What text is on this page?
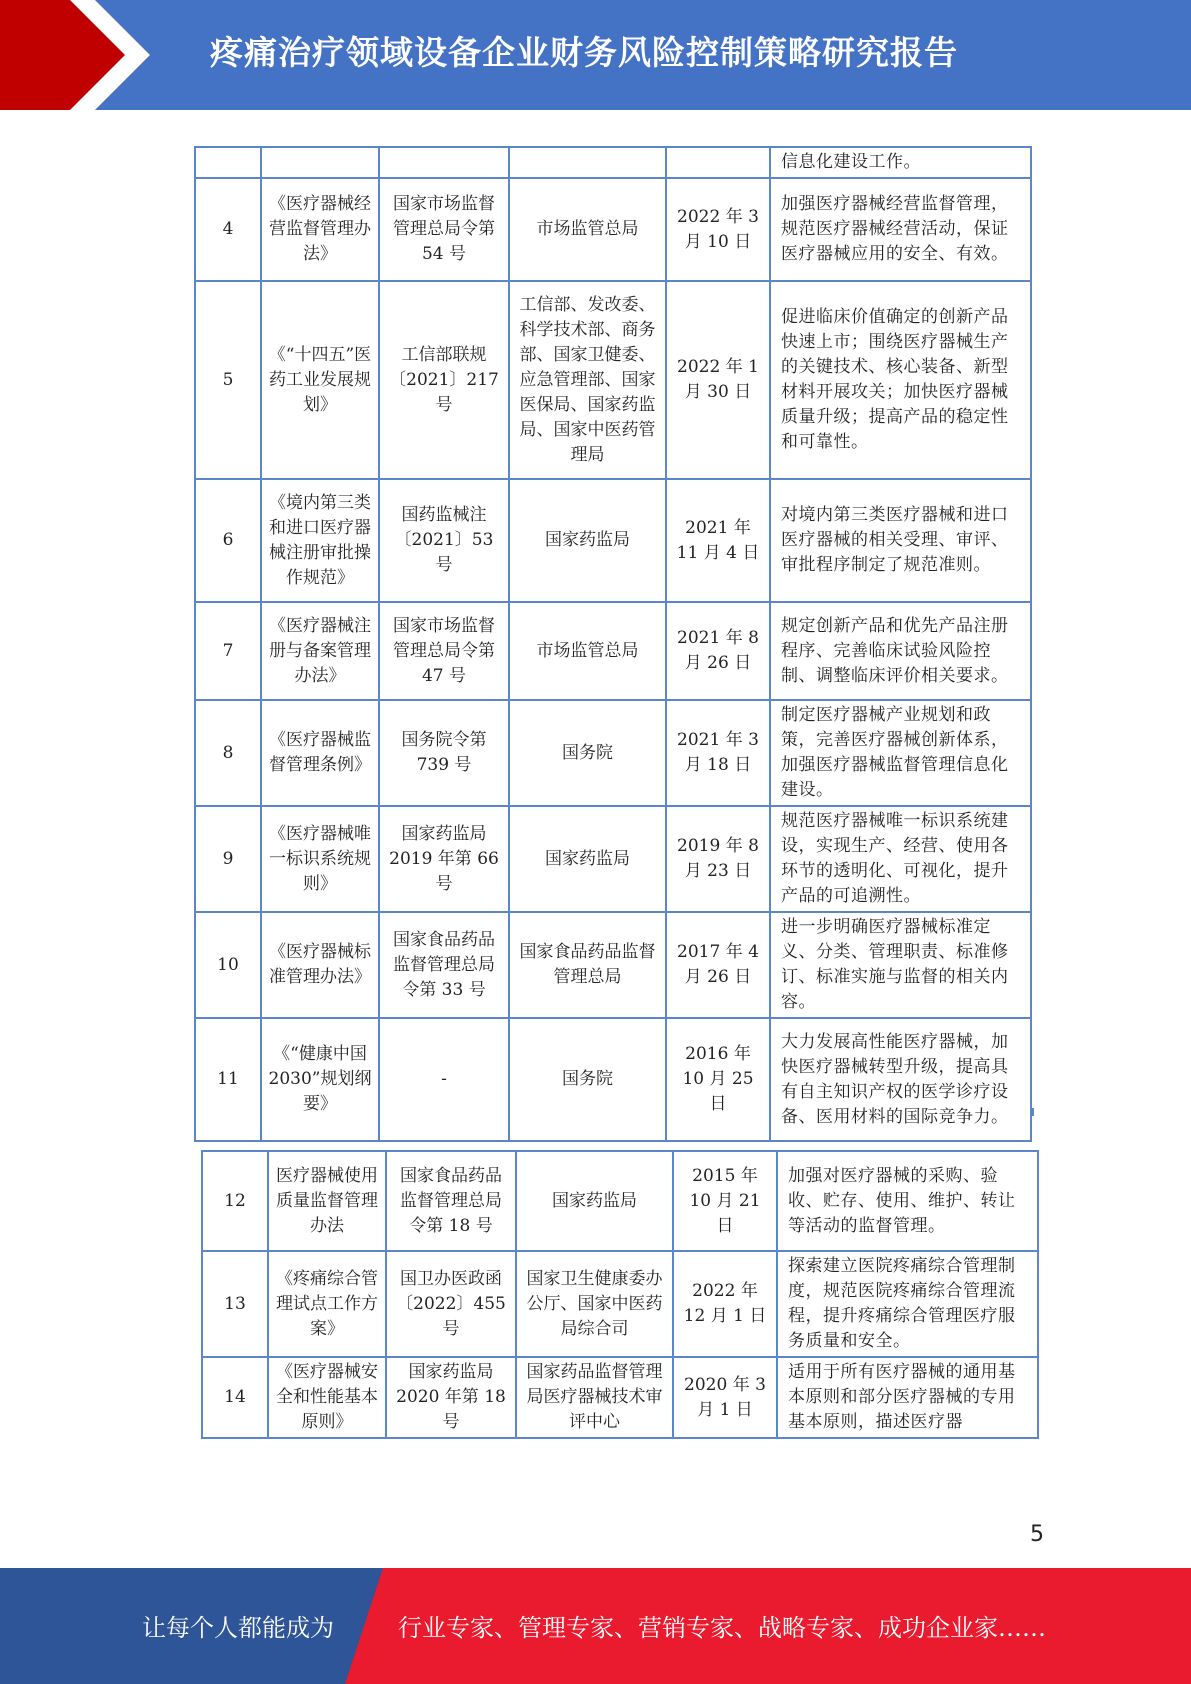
疼痛治疗领域设备企业财务风险控制策略研究报告
					信息化建设工作。
4	《医疗器械经营监督管理办法》	国家市场监督管理总局令第 54 号	市场监管总局	2022 年 3 月 10 日	加强医疗器械经营监督管理，规范医疗器械经营活动，保证医疗器械应用的安全、有效。
5	《“十四五”医药工业发展规划》	工信部联规〔2021〕217 号	工信部、发改委、科学技术部、商务部、国家卫健委、应急管理部、国家医保局、国家药监局、国家中医药管理局	2022 年 1 月 30 日	促进临床价值确定的创新产品快速上市；围绕医疗器械生产的关键技术、核心装备、新型材料开展攻关；加快医疗器械质量升级；提高产品的稳定性和可靠性。
6	《境内第三类和进口医疗器械注册审批操作规范》	国药监械注〔2021〕53 号	国家药监局	2021 年 11 月 4 日	对境内第三类医疗器械和进口医疗器械的相关受理、审评、审批程序制定了规范准则。
7	《医疗器械注册与备案管理办法》	国家市场监督管理总局令第 47 号	市场监管总局	2021 年 8 月 26 日	规定创新产品和优先产品注册程序、完善临床试验风险控制、调整临床评价相关要求。
8	《医疗器械监督管理条例》	国务院令第 739 号	国务院	2021 年 3 月 18 日	制定医疗器械产业规划和政策，完善医疗器械创新体系，加强医疗器械监督管理信息化建设。
9	《医疗器械唯一标识系统规则》	国家药监局 2019 年第 66 号	国家药监局	2019 年 8 月 23 日	规范医疗器械唯一标识系统建设，实现生产、经营、使用各环节的透明化、可视化，提升产品的可追溯性。
10	《医疗器械标准管理办法》	国家食品药品监督管理总局令第 33 号	国家食品药品监督管理总局	2017 年 4 月 26 日	进一步明确医疗器械标准定义、分类、管理职责、标准修订、标准实施与监督的相关内容。
11	《“健康中国 2030”规划纲要》	-	国务院	2016 年 10 月 25 日	大力发展高性能医疗器械，加快医疗器械转型升级，提高具有自主知识产权的医学诊疗设备、医用材料的国际竞争力。
12	医疗器械使用质量监督管理办法	国家食品药品监督管理总局令第 18 号	国家药监局	2015 年 10 月 21 日	加强对医疗器械的采购、验收、贮存、使用、维护、转让等活动的监督管理。
13	《疼痛综合管理试点工作方案》	国卫办医政函〔2022〕455 号	国家卫生健康委办公厅、国家中医药局综合司	2022 年 12 月 1 日	探索建立医院疼痛综合管理制度，规范医院疼痛综合管理流程，提升疼痛综合管理医疗服务质量和安全。
14	《医疗器械安全和性能基本原则》	国家药监局 2020 年第 18 号	国家药品监督管理局医疗器械技术审评中心	2020 年 3 月 1 日	适用于所有医疗器械的通用基本原则和部分医疗器械的专用基本原则，描述医疗器
5
让每个人都能成为	行业专家、管理专家、营销专家、战略专家、成功企业家……
